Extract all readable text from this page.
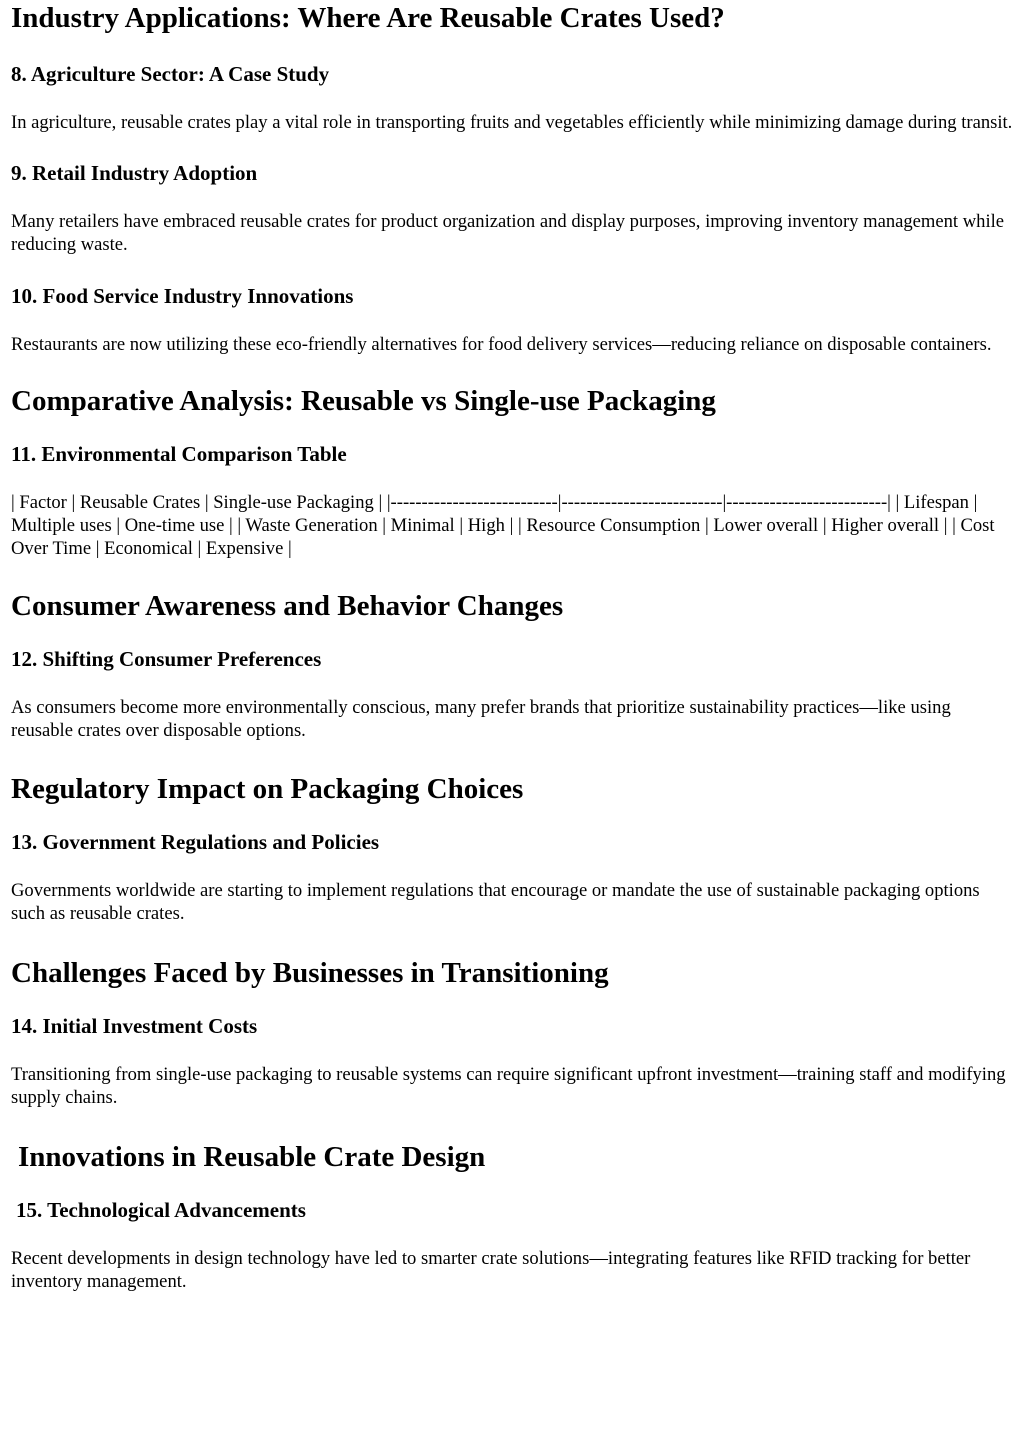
Industry Applications: Where Are Reusable Crates Used?
8. Agriculture Sector: A Case Study

In agriculture, reusable crates play a vital role in transporting fruits and vegetables efficiently while minimizing damage during transit.

9. Retail Industry Adoption

Many retailers have embraced reusable crates for product organization and display purposes, improving inventory management while reducing waste.

10. Food Service Industry Innovations

Restaurants are now utilizing these eco-friendly alternatives for food delivery services—reducing reliance on disposable containers.

Comparative Analysis: Reusable vs Single-use Packaging
11. Environmental Comparison Table

| Factor | Reusable Crates | Single-use Packaging | |---------------------------|--------------------------|--------------------------| | Lifespan | Multiple uses | One-time use | | Waste Generation | Minimal | High | | Resource Consumption | Lower overall | Higher overall | | Cost Over Time | Economical | Expensive |

Consumer Awareness and Behavior Changes
12. Shifting Consumer Preferences

As consumers become more environmentally conscious, many prefer brands that prioritize sustainability practices—like using reusable crates over disposable options.

Regulatory Impact on Packaging Choices
13. Government Regulations and Policies

Governments worldwide are starting to implement regulations that encourage or mandate the use of sustainable packaging options such as reusable crates.

Challenges Faced by Businesses in Transitioning
14. Initial Investment Costs

Transitioning from single-use packaging to reusable systems can require significant upfront investment—training staff and modifying supply chains.

Innovations in Reusable Crate Design
15. Technological Advancements

Recent developments in design technology have led to smarter crate solutions—integrating features like RFID tracking for better inventory management.
